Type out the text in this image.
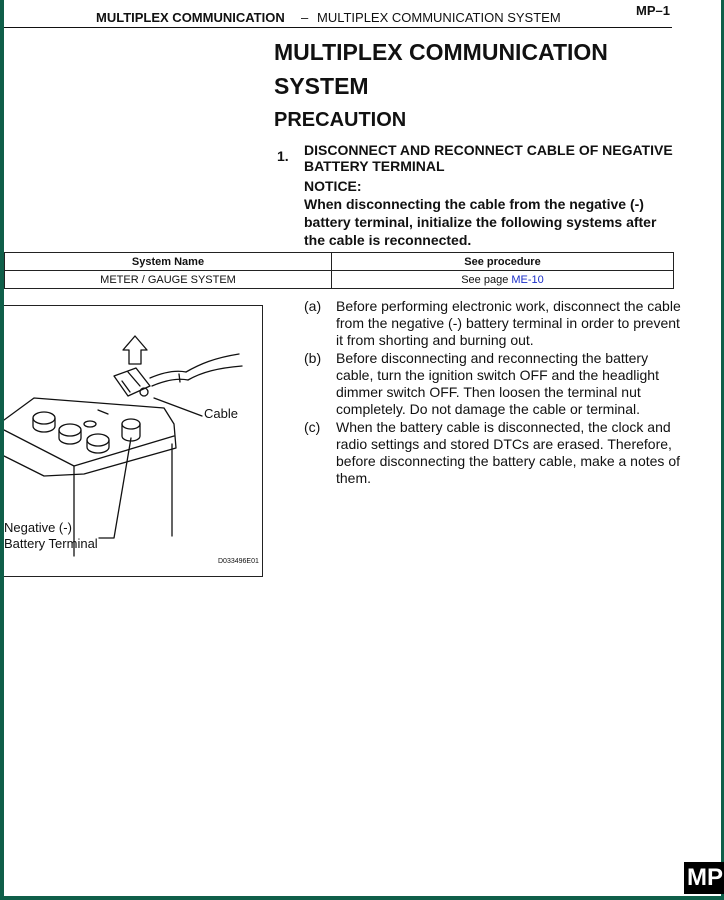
MULTIPLEX COMMUNICATION – MULTIPLEX COMMUNICATION SYSTEM	MP–1
MULTIPLEX COMMUNICATION SYSTEM
PRECAUTION
1. DISCONNECT AND RECONNECT CABLE OF NEGATIVE BATTERY TERMINAL
NOTICE:
When disconnecting the cable from the negative (-) battery terminal, initialize the following systems after the cable is reconnected.
System Name	See procedure
METER / GAUGE SYSTEM	See page ME-10
Cable
Negative (-)
Battery Terminal
D033496E01
(a) Before performing electronic work, disconnect the cable from the negative (-) battery terminal in order to prevent it from shorting and burning out.
(b) Before disconnecting and reconnecting the battery cable, turn the ignition switch OFF and the headlight dimmer switch OFF. Then loosen the terminal nut completely. Do not damage the cable or terminal.
(c) When the battery cable is disconnected, the clock and radio settings and stored DTCs are erased. Therefore, before disconnecting the battery cable, make a notes of them.
MP
